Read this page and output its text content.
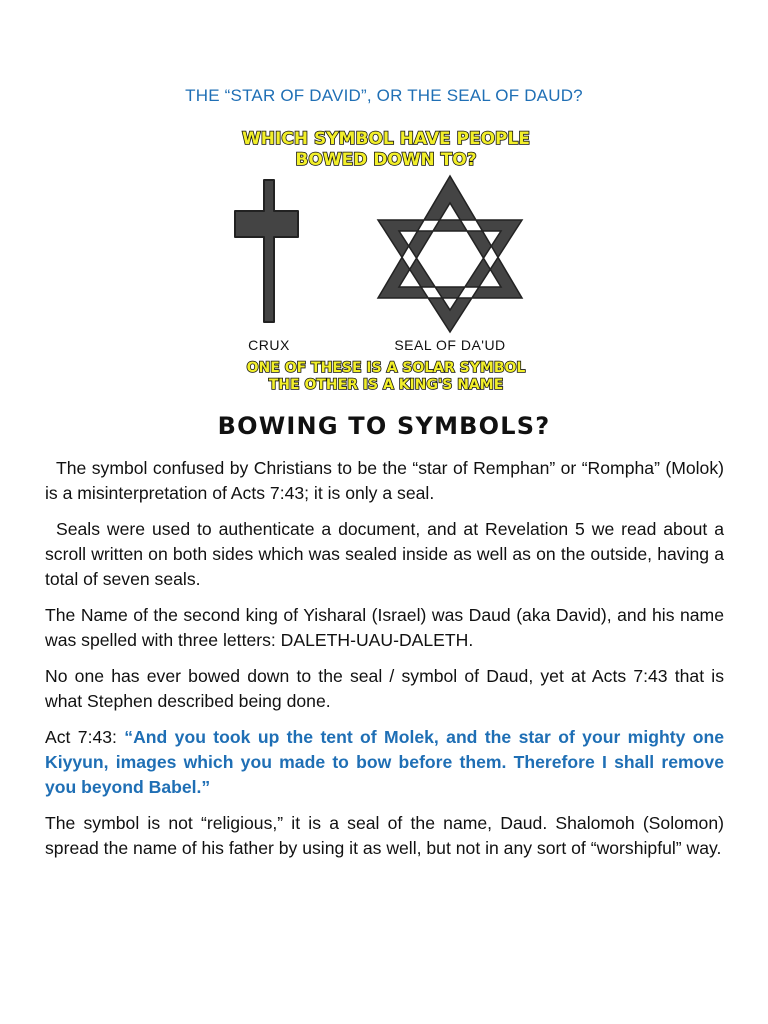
THE “STAR OF DAVID”, OR THE SEAL OF DAUD?
WHICH SYMBOL HAVE PEOPLE
BOWED DOWN TO?
CRUX	SEAL OF DA'UD
ONE OF THESE IS A SOLAR SYMBOL
THE OTHER IS A KING'S NAME
BOWING TO SYMBOLS?

The symbol confused by Christians to be the “star of Remphan” or “Rompha” (Molok) is a misinterpretation of Acts 7:43; it is only a seal.

Seals were used to authenticate a document, and at Revelation 5 we read about a scroll written on both sides which was sealed inside as well as on the outside, having a total of seven seals.

The Name of the second king of Yisharal (Israel) was Daud (aka David), and his name was spelled with three letters: DALETH-UAU-DALETH.

No one has ever bowed down to the seal / symbol of Daud, yet at Acts 7:43 that is what Stephen described being done.

Act 7:43: “And you took up the tent of Molek, and the star of your mighty one Kiyyun, images which you made to bow before them. Therefore I shall remove you beyond Babel.”

The symbol is not “religious,” it is a seal of the name, Daud. Shalomoh (Solomon) spread the name of his father by using it as well, but not in any sort of “worshipful” way.
